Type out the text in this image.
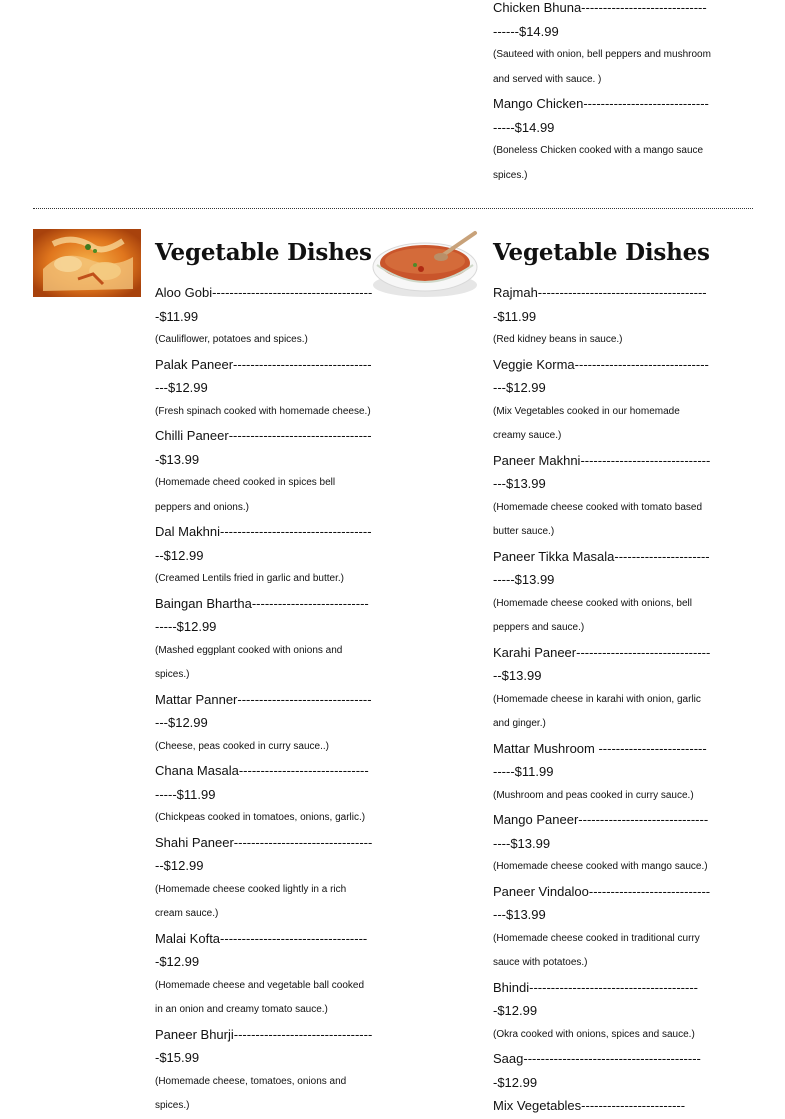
Chicken Bhuna-----------------------------------$14.99
(Sauteed with onion, bell peppers and mushroom and served with sauce. )
Mango Chicken----------------------------------$14.99
(Boneless Chicken cooked with a mango sauce spices.)
Vegetable Dishes
Aloo Gobi--------------------------------------$11.99
(Cauliflower, potatoes and spices.)
Palak Paneer-----------------------------------$12.99
(Fresh spinach cooked with homemade cheese.)
Chilli Paneer----------------------------------$13.99
(Homemade cheed cooked in spices bell peppers and onions.)
Dal Makhni-------------------------------------$12.99
(Creamed Lentils fried in garlic and butter.)
Baingan Bhartha--------------------------------$12.99
(Mashed eggplant cooked with onions and spices.)
Mattar Panner----------------------------------$12.99
(Cheese, peas cooked in curry sauce..)
Chana Masala-----------------------------------$11.99
(Chickpeas cooked in tomatoes, onions, garlic.)
Shahi Paneer----------------------------------$12.99
(Homemade cheese cooked lightly in a rich cream sauce.)
Malai Kofta-----------------------------------$12.99
(Homemade cheese and vegetable ball cooked in an onion and creamy tomato sauce.)
Paneer Bhurji---------------------------------$15.99
(Homemade cheese, tomatoes, onions and spices.)
Vegetable Dishes
Rajmah----------------------------------------$11.99
(Red kidney beans in sauce.)
Veggie Korma----------------------------------$12.99
(Mix Vegetables cooked in our homemade creamy sauce.)
Paneer Makhni---------------------------------$13.99
(Homemade cheese cooked with tomato based butter sauce.)
Paneer Tikka Masala---------------------------$13.99
(Homemade cheese cooked with onions, bell peppers and sauce.)
Karahi Paneer---------------------------------$13.99
(Homemade cheese in karahi with onion, garlic and ginger.)
Mattar Mushroom ------------------------------$11.99
(Mushroom and peas cooked in curry sauce.)
Mango Paneer----------------------------------$13.99
(Homemade cheese cooked with mango sauce.)
Paneer Vindaloo-------------------------------$13.99
(Homemade cheese cooked in traditional curry sauce with potatoes.)
Bhindi----------------------------------------$12.99
(Okra cooked with onions, spices and sauce.)
Saag------------------------------------------$12.99
Mix Vegetables------------------------
